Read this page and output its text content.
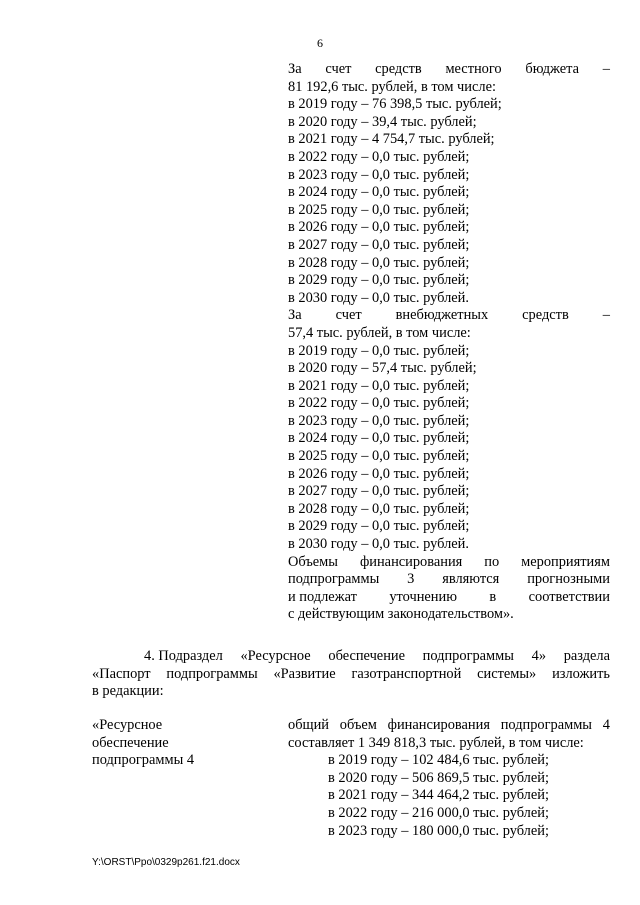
6
За счет средств местного бюджета –
81 192,6 тыс. рублей, в том числе:
в 2019 году – 76 398,5 тыс. рублей;
в 2020 году – 39,4 тыс. рублей;
в 2021 году – 4 754,7 тыс. рублей;
в 2022 году – 0,0 тыс. рублей;
в 2023 году – 0,0 тыс. рублей;
в 2024 году – 0,0 тыс. рублей;
в 2025 году – 0,0 тыс. рублей;
в 2026 году – 0,0 тыс. рублей;
в 2027 году – 0,0 тыс. рублей;
в 2028 году – 0,0 тыс. рублей;
в 2029 году – 0,0 тыс. рублей;
в 2030 году – 0,0 тыс. рублей.
За счет внебюджетных средств –
57,4 тыс. рублей, в том числе:
в 2019 году – 0,0 тыс. рублей;
в 2020 году – 57,4 тыс. рублей;
в 2021 году – 0,0 тыс. рублей;
в 2022 году – 0,0 тыс. рублей;
в 2023 году – 0,0 тыс. рублей;
в 2024 году – 0,0 тыс. рублей;
в 2025 году – 0,0 тыс. рублей;
в 2026 году – 0,0 тыс. рублей;
в 2027 году – 0,0 тыс. рублей;
в 2028 году – 0,0 тыс. рублей;
в 2029 году – 0,0 тыс. рублей;
в 2030 году – 0,0 тыс. рублей.
Объемы финансирования по мероприятиям
подпрограммы 3 являются прогнозными
и подлежат уточнению в соответствии
с действующим законодательством».
4. Подраздел «Ресурсное обеспечение подпрограммы 4» раздела
«Паспорт подпрограммы «Развитие газотранспортной системы» изложить
в редакции:
«Ресурсное
обеспечение
подпрограммы 4
общий объем финансирования подпрограммы 4
составляет 1 349 818,3 тыс. рублей, в том числе:
в 2019 году – 102 484,6 тыс. рублей;
в 2020 году – 506 869,5 тыс. рублей;
в 2021 году – 344 464,2 тыс. рублей;
в 2022 году – 216 000,0 тыс. рублей;
в 2023 году – 180 000,0 тыс. рублей;
Y:\ORST\Ppo\0329p261.f21.docx
